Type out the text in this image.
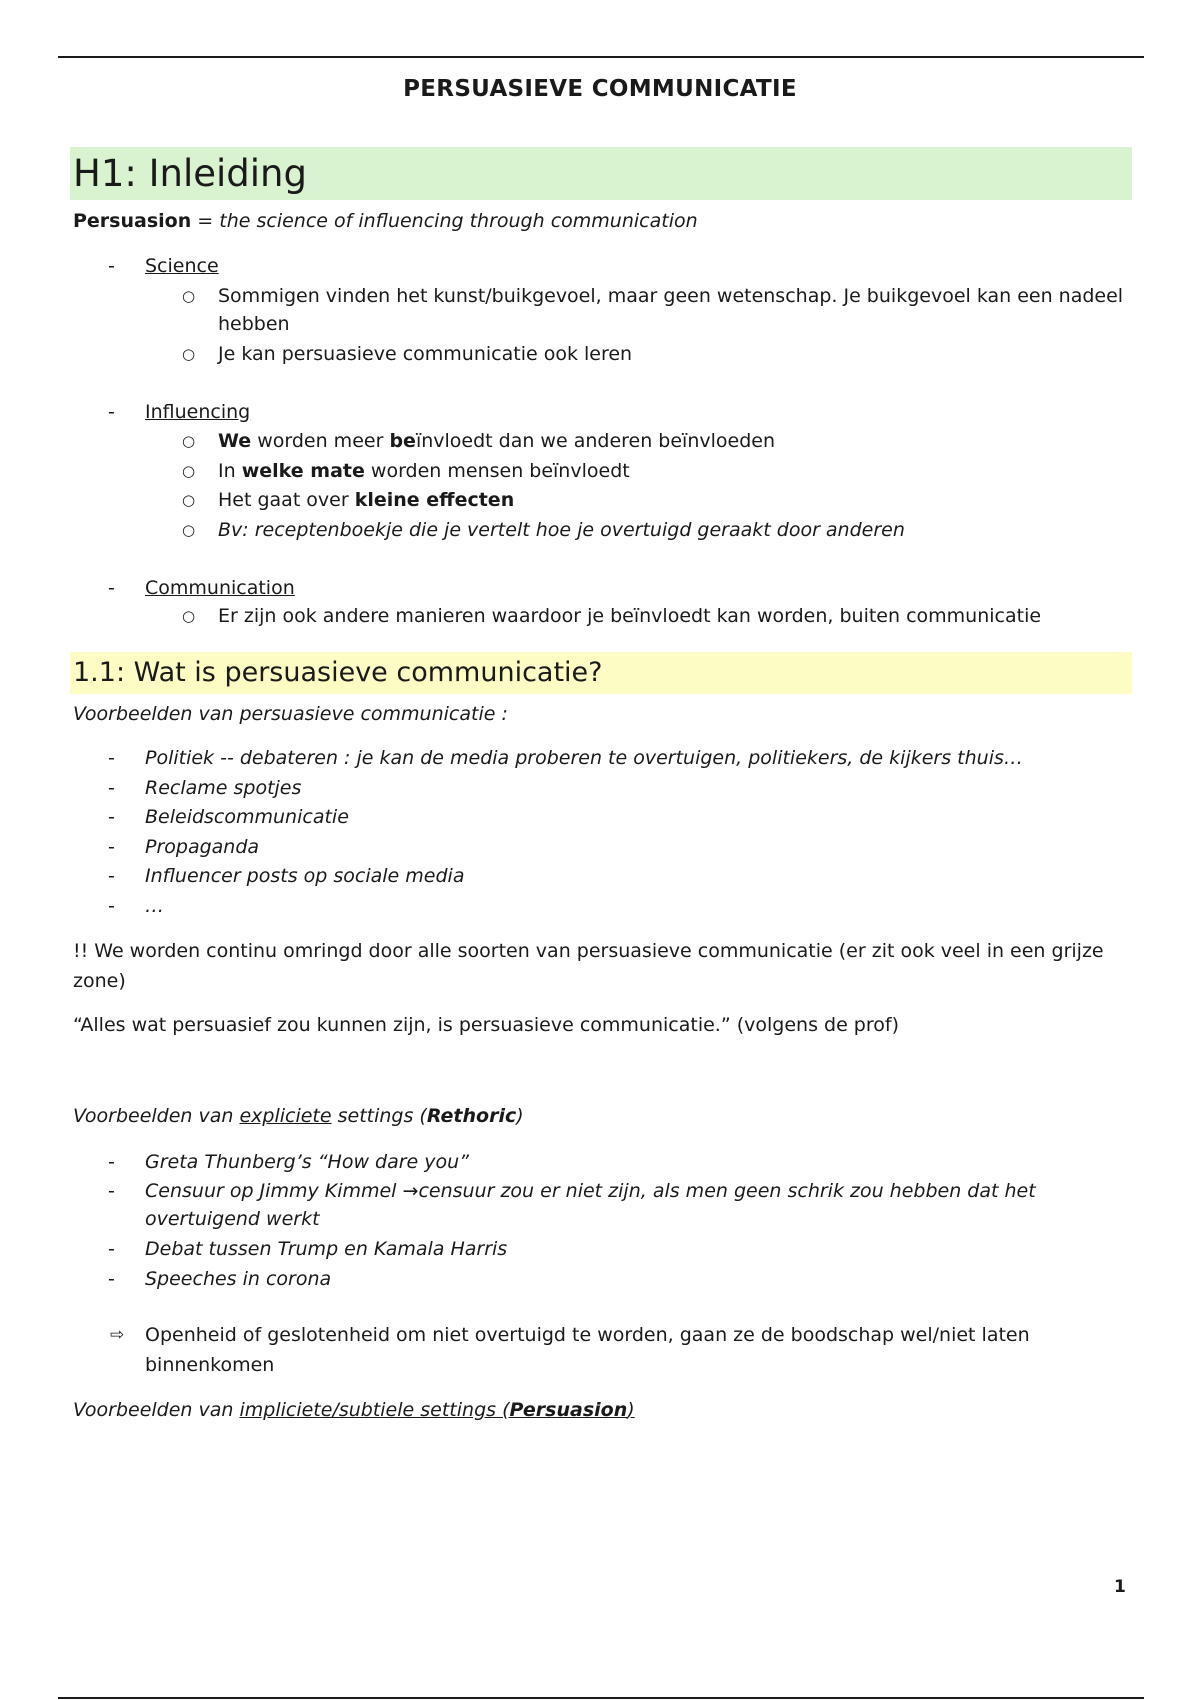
PERSUASIEVE COMMUNICATIE
H1: Inleiding
Persuasion = the science of influencing through communication
- Science
○ Sommigen vinden het kunst/buikgevoel, maar geen wetenschap. Je buikgevoel kan een nadeel
hebben
○ Je kan persuasieve communicatie ook leren
- Influencing
○ We worden meer beïnvloedt dan we anderen beïnvloeden
○ In welke mate worden mensen beïnvloedt
○ Het gaat over kleine effecten
○ Bv: receptenboekje die je vertelt hoe je overtuigd geraakt door anderen
- Communication
○ Er zijn ook andere manieren waardoor je beïnvloedt kan worden, buiten communicatie
1.1: Wat is persuasieve communicatie?
Voorbeelden van persuasieve communicatie :
- Politiek -- debateren : je kan de media proberen te overtuigen, politiekers, de kijkers thuis…
- Reclame spotjes
- Beleidscommunicatie
- Propaganda
- Influencer posts op sociale media
- …
!! We worden continu omringd door alle soorten van persuasieve communicatie (er zit ook veel in een grijze
zone)
“Alles wat persuasief zou kunnen zijn, is persuasieve communicatie.” (volgens de prof)
Voorbeelden van expliciete settings (Rethoric)
- Greta Thunberg’s “How dare you”
- Censuur op Jimmy Kimmel →censuur zou er niet zijn, als men geen schrik zou hebben dat het
overtuigend werkt
- Debat tussen Trump en Kamala Harris
- Speeches in corona
⇨ Openheid of geslotenheid om niet overtuigd te worden, gaan ze de boodschap wel/niet laten
binnenkomen
Voorbeelden van impliciete/subtiele settings (Persuasion)
1
